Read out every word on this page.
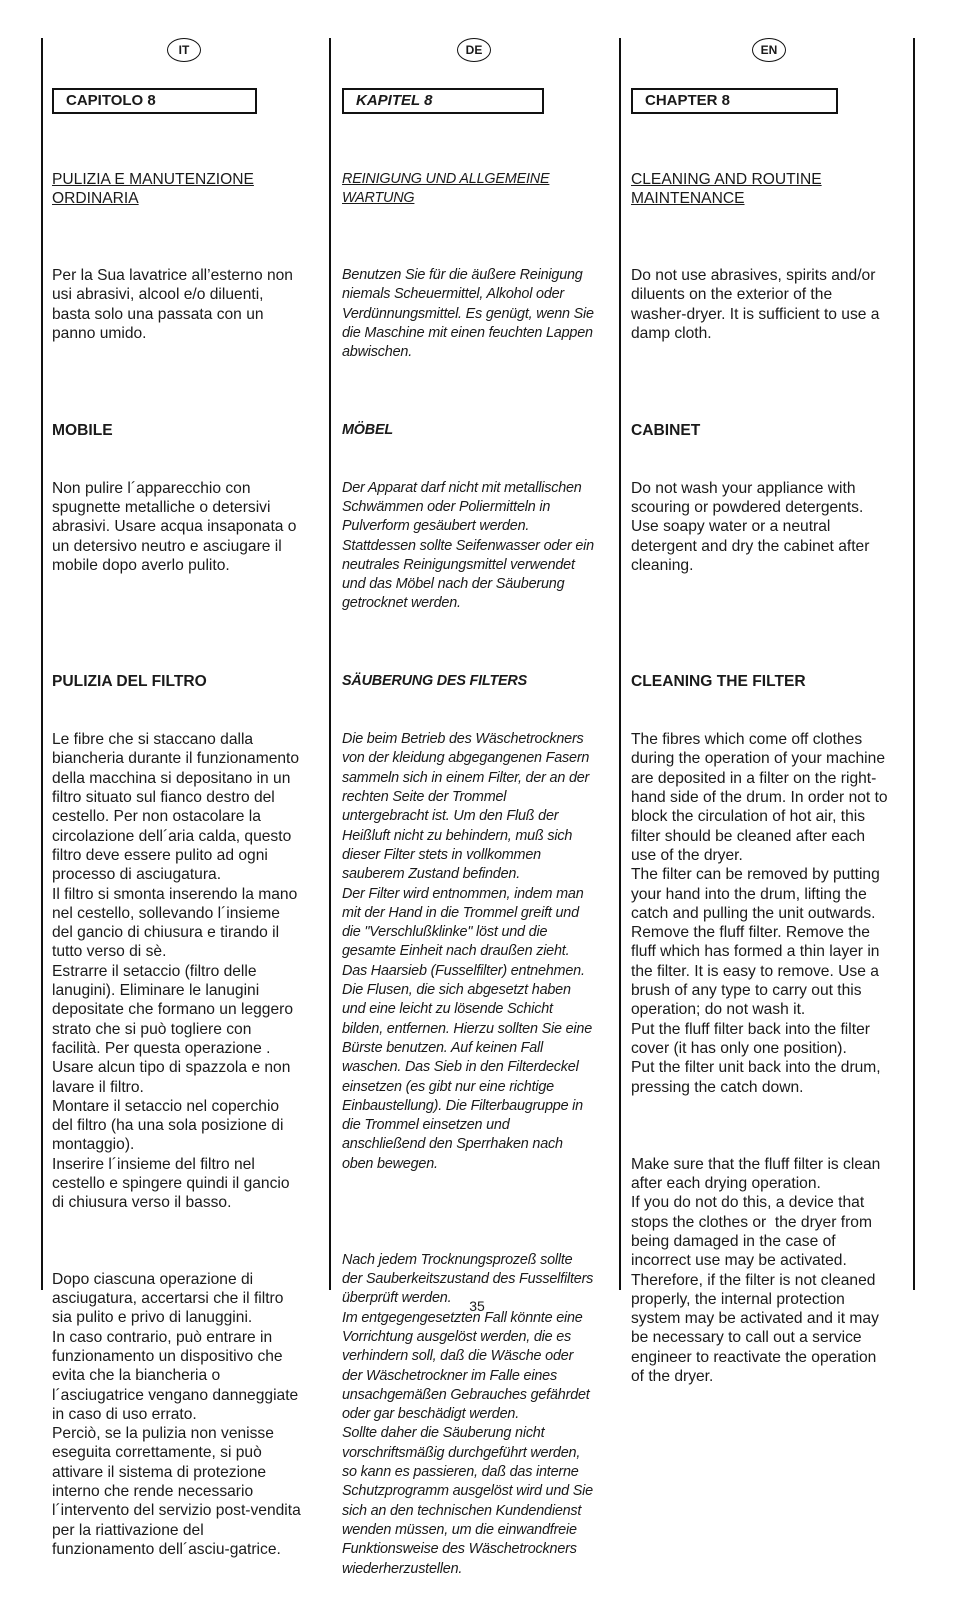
IT
CAPITOLO 8

PULIZIA E MANUTENZIONE
ORDINARIA

Per la Sua lavatrice all’esterno non
usi abrasivi, alcool e/o diluenti,
basta solo una passata con un
panno umido.

MOBILE

Non pulire l´apparecchio con
spugnette metalliche o detersivi
abrasivi. Usare acqua insaponata o
un detersivo neutro e asciugare il
mobile dopo averlo pulito.

PULIZIA DEL FILTRO

Le fibre che si staccano dalla
biancheria durante il funzionamento
della macchina si depositano in un
filtro situato sul fianco destro del
cestello. Per non ostacolare la
circolazione dell´aria calda, questo
filtro deve essere pulito ad ogni
processo di asciugatura.
Il filtro si smonta inserendo la mano
nel cestello, sollevando l´insieme
del gancio di chiusura e tirando il
tutto verso di sè.
Estrarre il setaccio (filtro delle
lanugini). Eliminare le lanugini
depositate che formano un leggero
strato che si può togliere con
facilità. Per questa operazione .
Usare alcun tipo di spazzola e non
lavare il filtro.
Montare il setaccio nel coperchio
del filtro (ha una sola posizione di
montaggio).
Inserire l´insieme del filtro nel
cestello e spingere quindi il gancio
di chiusura verso il basso.

Dopo ciascuna operazione di
asciugatura, accertarsi che il filtro
sia pulito e privo di lanuggini.
In caso contrario, può entrare in
funzionamento un dispositivo che
evita che la biancheria o
l´asciugatrice vengano danneggiate
in caso di uso errato.
Perciò, se la pulizia non venisse
eseguita correttamente, si può
attivare il sistema di protezione
interno che rende necessario
l´intervento del servizio post-vendita
per la riattivazione del
funzionamento dell´asciu-gatrice.

DE
KAPITEL 8

REINIGUNG UND ALLGEMEINE
WARTUNG

Benutzen Sie für die äußere Reinigung
niemals Scheuermittel, Alkohol oder
Verdünnungsmittel. Es genügt, wenn Sie
die Maschine mit einen feuchten Lappen
abwischen.

MÖBEL

Der Apparat darf nicht mit metallischen
Schwämmen oder Poliermitteln in
Pulverform gesäubert werden.
Stattdessen sollte Seifenwasser oder ein
neutrales Reinigungsmittel verwendet
und das Möbel nach der Säuberung
getrocknet werden.

SÄUBERUNG DES FILTERS

Die beim Betrieb des Wäschetrockners
von der kleidung abgegangenen Fasern
sammeln sich in einem Filter, der an der
rechten Seite der Trommel
untergebracht ist. Um den Fluß der
Heißluft nicht zu behindern, muß sich
dieser Filter stets in vollkommen
sauberem Zustand befinden.
Der Filter wird entnommen, indem man
mit der Hand in die Trommel greift und
die "Verschlußklinke" löst und die
gesamte Einheit nach draußen zieht.
Das Haarsieb (Fusselfilter) entnehmen.
Die Flusen, die sich abgesetzt haben
und eine leicht zu lösende Schicht
bilden, entfernen. Hierzu sollten Sie eine
Bürste benutzen. Auf keinen Fall
waschen. Das Sieb in den Filterdeckel
einsetzen (es gibt nur eine richtige
Einbaustellung). Die Filterbaugruppe in
die Trommel einsetzen und
anschließend den Sperrhaken nach
oben bewegen.

Nach jedem Trocknungsprozeß sollte
der Sauberkeitszustand des Fusselfilters
überprüft werden.
Im entgegengesetzten Fall könnte eine
Vorrichtung ausgelöst werden, die es
verhindern soll, daß die Wäsche oder
der Wäschetrockner im Falle eines
unsachgemäßen Gebrauches gefährdet
oder gar beschädigt werden.
Sollte daher die Säuberung nicht
vorschriftsmäßig durchgeführt werden,
so kann es passieren, daß das interne
Schutzprogramm ausgelöst wird und Sie
sich an den technischen Kundendienst
wenden müssen, um die einwandfreie
Funktionsweise des Wäschetrockners
wiederherzustellen.

EN
CHAPTER 8

CLEANING AND ROUTINE
MAINTENANCE

Do not use abrasives, spirits and/or
diluents on the exterior of the
washer-dryer. It is sufficient to use a
damp cloth.

CABINET

Do not wash your appliance with
scouring or powdered detergents.
Use soapy water or a neutral
detergent and dry the cabinet after
cleaning.

CLEANING THE FILTER

The fibres which come off clothes
during the operation of your machine
are deposited in a filter on the right-
hand side of the drum. In order not to
block the circulation of hot air, this
filter should be cleaned after each
use of the dryer.
The filter can be removed by putting
your hand into the drum, lifting the
catch and pulling the unit outwards.
Remove the fluff filter. Remove the
fluff which has formed a thin layer in
the filter. It is easy to remove. Use a
brush of any type to carry out this
operation; do not wash it.
Put the fluff filter back into the filter
cover (it has only one position).
Put the filter unit back into the drum,
pressing the catch down.

Make sure that the fluff filter is clean
after each drying operation.
If you do not do this, a device that
stops the clothes or  the dryer from
being damaged in the case of
incorrect use may be activated.
Therefore, if the filter is not cleaned
properly, the internal protection
system may be activated and it may
be necessary to call out a service
engineer to reactivate the operation
of the dryer.

35
